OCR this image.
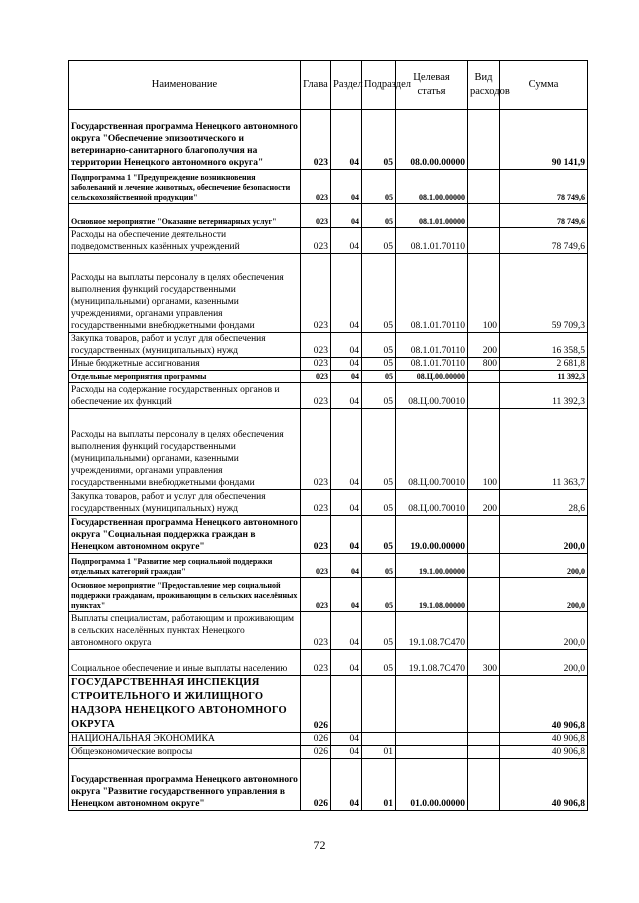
Наименование	Глава	Раздел	Подраздел	Целевая статья	Вид расходов	Сумма
Государственная программа Ненецкого автономного округа "Обеспечение эпизоотического и ветеринарно-санитарного благополучия на территории Ненецкого автономного округа"	023	04	05	08.0.00.00000		90 141,9
Подпрограмма 1 "Предупреждение возникновения заболеваний и лечение животных, обеспечение безопасности сельскохозяйственной продукции"	023	04	05	08.1.00.00000		78 749,6
Основное мероприятие "Оказание ветеринарных услуг"	023	04	05	08.1.01.00000		78 749,6
Расходы на обеспечение деятельности подведомственных казённых учреждений	023	04	05	08.1.01.70110		78 749,6
Расходы на выплаты персоналу в целях обеспечения выполнения функций государственными (муниципальными) органами, казенными учреждениями, органами управления государственными внебюджетными фондами	023	04	05	08.1.01.70110	100	59 709,3
Закупка товаров, работ и услуг для обеспечения государственных (муниципальных) нужд	023	04	05	08.1.01.70110	200	16 358,5
Иные бюджетные ассигнования	023	04	05	08.1.01.70110	800	2 681,8
Отдельные мероприятия программы	023	04	05	08.Ц.00.00000		11 392,3
Расходы на содержание государственных органов и обеспечение их функций	023	04	05	08.Ц.00.70010		11 392,3
Расходы на выплаты персоналу в целях обеспечения выполнения функций государственными (муниципальными) органами, казенными учреждениями, органами управления государственными внебюджетными фондами	023	04	05	08.Ц.00.70010	100	11 363,7
Закупка товаров, работ и услуг для обеспечения государственных (муниципальных) нужд	023	04	05	08.Ц.00.70010	200	28,6
Государственная программа Ненецкого автономного округа "Социальная поддержка граждан в Ненецком автономном округе"	023	04	05	19.0.00.00000		200,0
Подпрограмма 1 "Развитие мер социальной поддержки отдельных категорий граждан"	023	04	05	19.1.00.00000		200,0
Основное мероприятие "Предоставление мер социальной поддержки гражданам, проживающим в сельских населённых пунктах"	023	04	05	19.1.08.00000		200,0
Выплаты специалистам, работающим и проживающим в сельских населённых пунктах Ненецкого автономного округа	023	04	05	19.1.08.7С470		200,0
Социальное обеспечение и иные выплаты населению	023	04	05	19.1.08.7С470	300	200,0
ГОСУДАРСТВЕННАЯ ИНСПЕКЦИЯ СТРОИТЕЛЬНОГО И ЖИЛИЩНОГО НАДЗОРА НЕНЕЦКОГО АВТОНОМНОГО ОКРУГА	026					40 906,8
НАЦИОНАЛЬНАЯ ЭКОНОМИКА	026	04				40 906,8
Общеэкономические вопросы	026	04	01			40 906,8
Государственная программа Ненецкого автономного округа "Развитие государственного управления в Ненецком автономном округе"	026	04	01	01.0.00.00000		40 906,8
72
